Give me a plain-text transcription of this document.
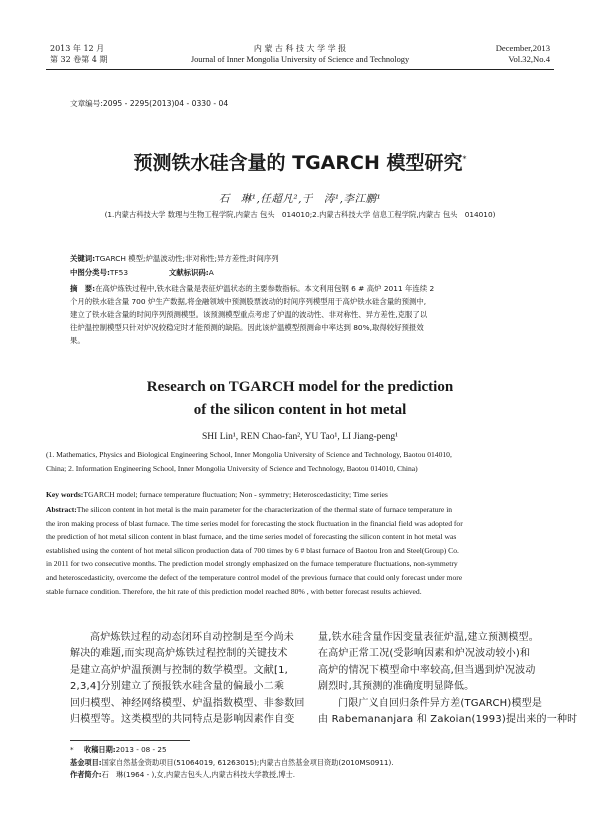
2013 年 12 月
第 32 卷第 4 期
内 蒙 古 科 技 大 学 学 报
Journal of Inner Mongolia University of Science and Technology
December,2013
Vol.32,No.4
文章编号:2095 - 2295(2013)04 - 0330 - 04
预测铁水硅含量的 TGARCH 模型研究*
石　琳¹,任超凡²,于　涛¹,李江鹏¹
(1.内蒙古科技大学 数理与生物工程学院,内蒙古 包头　014010;2.内蒙古科技大学 信息工程学院,内蒙古 包头　014010)
关键词:TGARCH 模型;炉温波动性;非对称性;异方差性;时间序列
中图分类号:TF53	文献标识码:A
摘　要:在高炉炼铁过程中,铁水硅含量是表征炉温状态的主要参数指标。本文利用包钢 6 # 高炉 2011 年连续 2
个月的铁水硅含量 700 炉生产数据,将金融领域中预测股票波动的时间序列模型用于高炉铁水硅含量的预测中,
建立了铁水硅含量的时间序列预测模型。该预测模型重点考虑了炉温的波动性、非对称性、异方差性,克服了以
往炉温控制模型只针对炉况较稳定时才能预测的缺陷。因此该炉温模型预测命中率达到 80%,取得较好预报效
果。
Research on TGARCH model for the prediction
of the silicon content in hot metal
SHI Lin¹, REN Chao-fan², YU Tao¹, LI Jiang-peng¹
(1. Mathematics, Physics and Biological Engineering School, Inner Mongolia University of Science and Technology, Baotou 014010,
China; 2. Information Engineering School, Inner Mongolia University of Science and Technology, Baotou 014010, China)
Key words:TGARCH model; furnace temperature fluctuation; Non - symmetry; Heteroscedasticity; Time series
Abstract:The silicon content in hot metal is the main parameter for the characterization of the thermal state of furnace temperature in
the iron making process of blast furnace. The time series model for forecasting the stock fluctuation in the financial field was adopted for
the prediction of hot metal silicon content in blast furnace, and the time series model of forecasting the silicon content in hot metal was
established using the content of hot metal silicon production data of 700 times by 6 # blast furnace of Baotou Iron and Steel(Group) Co.
in 2011 for two consecutive months. The prediction model strongly emphasized on the furnace temperature fluctuations, non-symmetry
and heteroscedasticity, overcome the defect of the temperature control model of the previous furnace that could only forecast under more
stable furnace condition. Therefore, the hit rate of this prediction model reached 80% , with better forecast results achieved.
高炉炼铁过程的动态闭环自动控制是至今尚未
解决的难题,而实现高炉炼铁过程控制的关键技术
是建立高炉炉温预测与控制的数学模型。文献[1,
2,3,4]分别建立了预报铁水硅含量的偏最小二乘
回归模型、神经网络模型、炉温指数模型、非参数回
归模型等。这类模型的共同特点是影响因素作自变
量,铁水硅含量作因变量表征炉温,建立预测模型。
在高炉正常工况(受影响因素和炉况波动较小)和
高炉的情况下模型命中率较高,但当遇到炉况波动
剧烈时,其预测的准确度明显降低。
门限广义自回归条件异方差(TGARCH)模型是
由 Rabemananjara 和 Zakoian(1993)提出来的一种时
* 收稿日期:2013 - 08 - 25
基金项目:国家自然基金资助项目(51064019, 61263015);内蒙古自然基金项目资助(2010MS0911).
作者简介:石　琳(1964 - ),女,内蒙古包头人,内蒙古科技大学教授,博士.
